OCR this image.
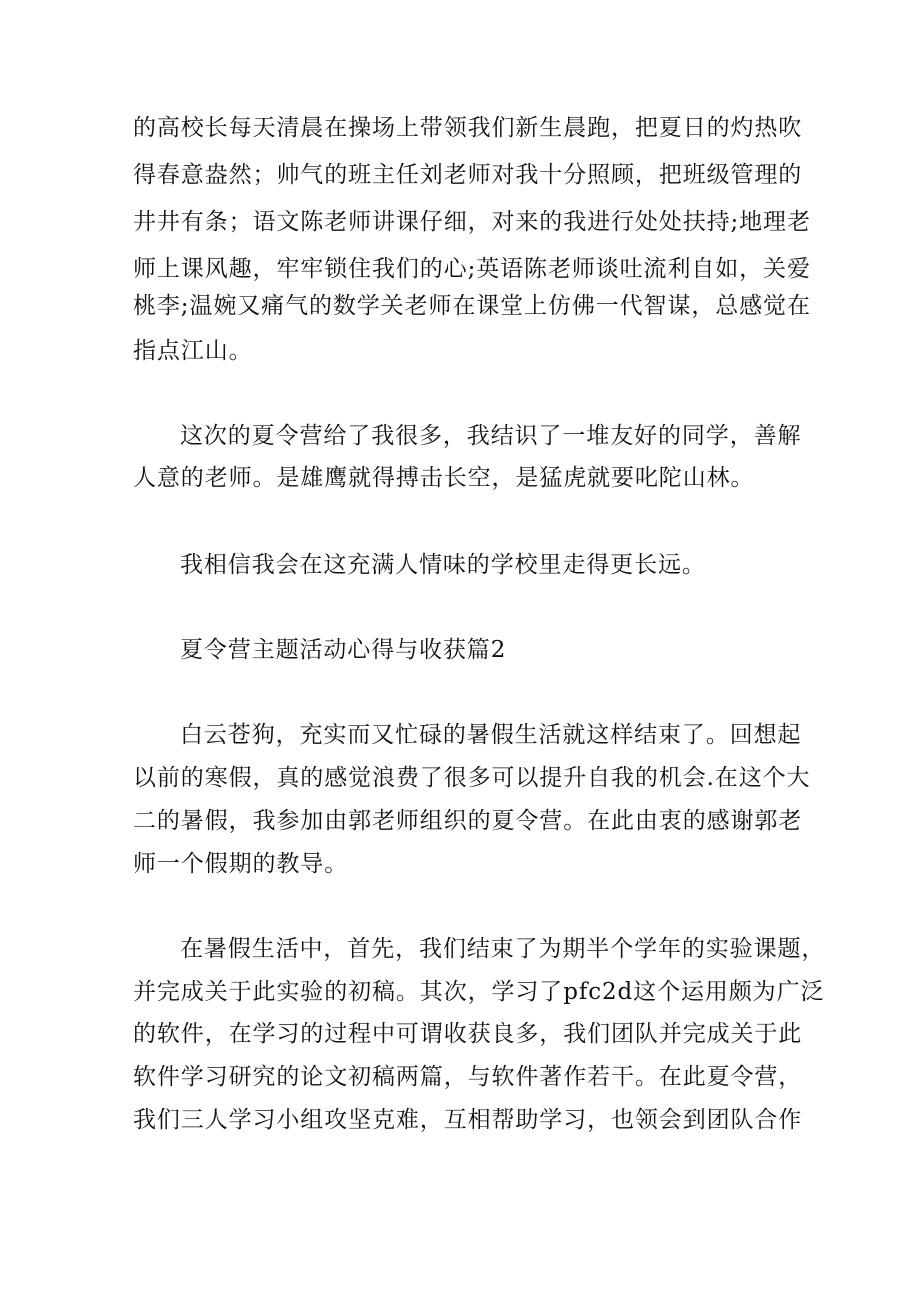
的高校长每天清晨在操场上带领我们新生晨跑，把夏日的灼热吹
得春意盎然；帅气的班主任刘老师对我十分照顾，把班级管理的
井井有条；语文陈老师讲课仔细，对来的我进行处处扶持;地理老
师上课风趣，牢牢锁住我们的心;英语陈老师谈吐流利自如，关爱
桃李;温婉又痛气的数学关老师在课堂上仿佛一代智谋，总感觉在
指点江山。
这次的夏令营给了我很多，我结识了一堆友好的同学，善解
人意的老师。是雄鹰就得搏击长空，是猛虎就要叱陀山林。
我相信我会在这充满人情味的学校里走得更长远。
夏令营主题活动心得与收获篇2
白云苍狗，充实而又忙碌的暑假生活就这样结束了。回想起
以前的寒假，真的感觉浪费了很多可以提升自我的机会.在这个大
二的暑假，我参加由郭老师组织的夏令营。在此由衷的感谢郭老
师一个假期的教导。
在暑假生活中，首先，我们结束了为期半个学年的实验课题，
并完成关于此实验的初稿。其次，学习了pfc2d这个运用颇为广泛
的软件，在学习的过程中可谓收获良多，我们团队并完成关于此
软件学习研究的论文初稿两篇，与软件著作若干。在此夏令营，
我们三人学习小组攻坚克难，互相帮助学习，也领会到团队合作
